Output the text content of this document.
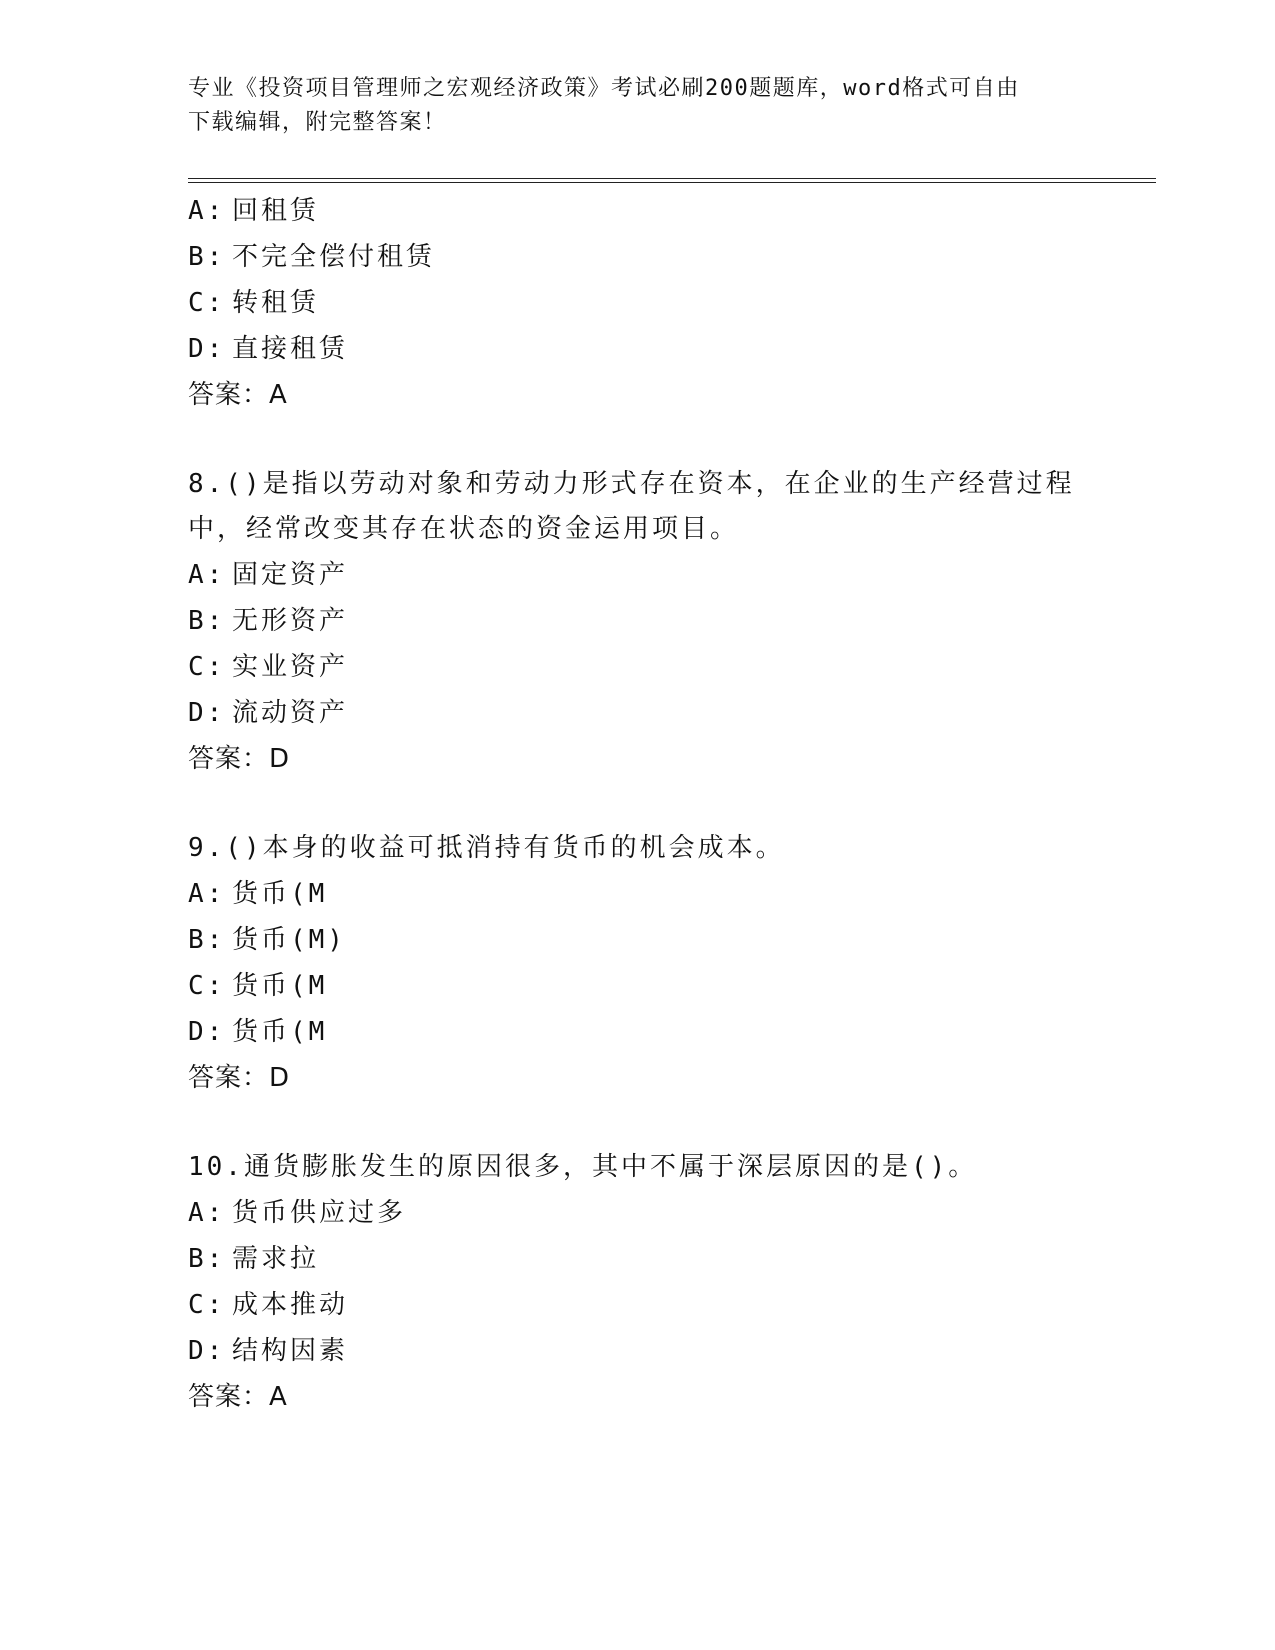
专业《投资项目管理师之宏观经济政策》考试必刷200题题库，word格式可自由
下载编辑，附完整答案！
A: 回租赁
B: 不完全偿付租赁
C: 转租赁
D: 直接租赁
答案：A
8.()是指以劳动对象和劳动力形式存在资本，在企业的生产经营过程
中，经常改变其存在状态的资金运用项目。
A: 固定资产
B: 无形资产
C: 实业资产
D: 流动资产
答案：D
9.()本身的收益可抵消持有货币的机会成本。
A: 货币(M
B: 货币(M)
C: 货币(M
D: 货币(M
答案：D
10.通货膨胀发生的原因很多，其中不属于深层原因的是()。
A: 货币供应过多
B: 需求拉
C: 成本推动
D: 结构因素
答案：A
